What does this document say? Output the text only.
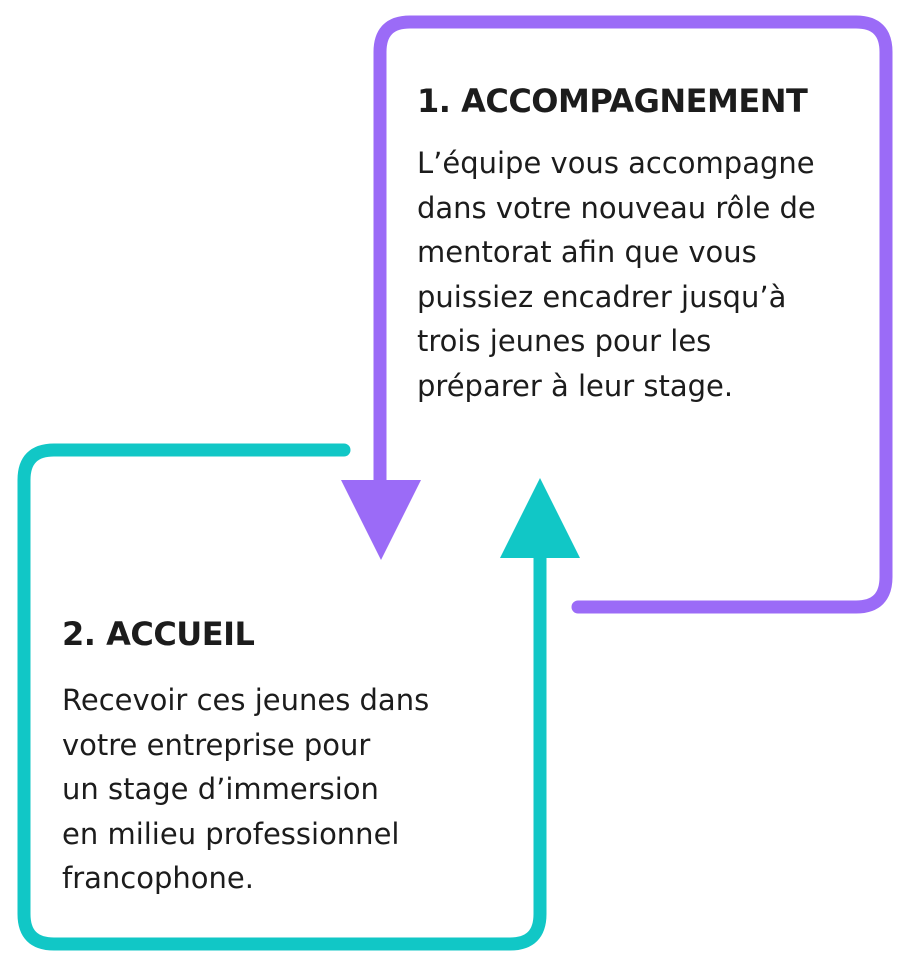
1. ACCOMPAGNEMENT

L’équipe vous accompagne
dans votre nouveau rôle de
mentorat afin que vous
puissiez encadrer jusqu’à
trois jeunes pour les
préparer à leur stage.

2. ACCUEIL

Recevoir ces jeunes dans
votre entreprise pour
un stage d’immersion
en milieu professionnel
francophone.
